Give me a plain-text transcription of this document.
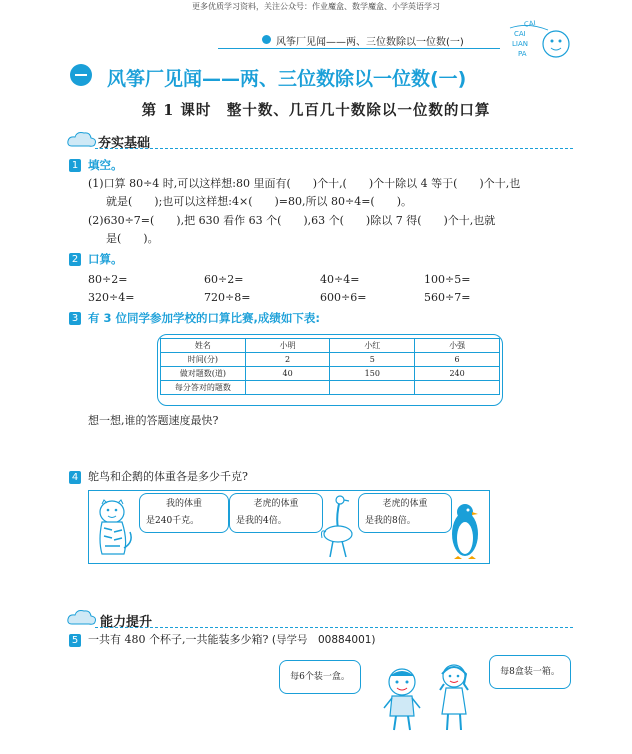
更多优质学习资料，关注公众号：作业魔盒、数学魔盒、小学英语学习
风筝厂见闻——两、三位数除以一位数(一)
CAI
CAI
LIAN
PA
风筝厂见闻——两、三位数除以一位数(一)
第 1 课时　整十数、几百几十数除以一位数的口算
夯实基础
1 填空。
(1)口算 80÷4 时,可以这样想:80 里面有(　　)个十,(　　)个十除以 4 等于(　　)个十,也
就是(　　);也可以这样想:4×(　　)=80,所以 80÷4=(　　)。
(2)630÷7=(　　),把 630 看作 63 个(　　),63 个(　　)除以 7 得(　　)个十,也就
是(　　)。
2 口算。
80÷2=	60÷2=	40÷4=	100÷5=
320÷4=	720÷8=	600÷6=	560÷7=
3 有 3 位同学参加学校的口算比赛,成绩如下表:
姓名	小明	小红	小强
时间(分)	2	5	6
做对题数(道)	40	150	240
每分答对的题数			
想一想,谁的答题速度最快?
4 鸵鸟和企鹅的体重各是多少千克?
我的体重
是240千克。
老虎的体重
是我的4倍。
老虎的体重
是我的8倍。
能力提升
5 一共有 480 个杯子,一共能装多少箱? (导学号　00884001)
每6个装一盒。	每8盒装一箱。
